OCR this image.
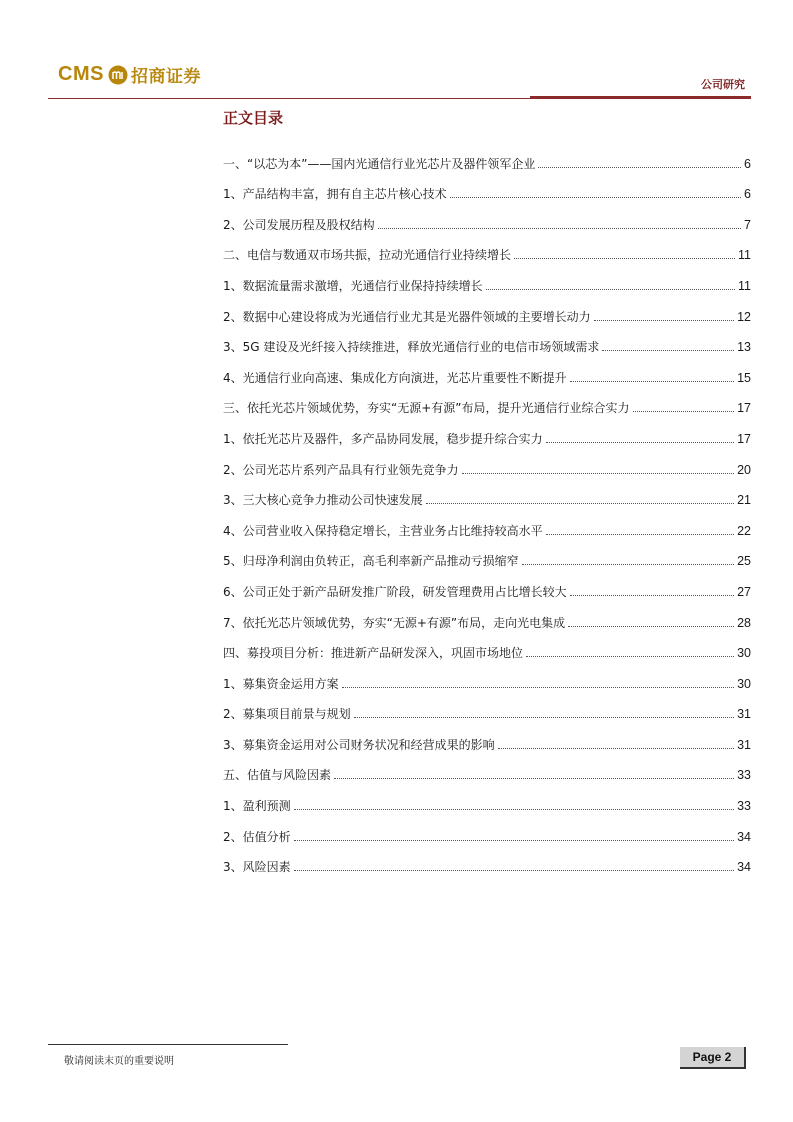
CMS 招商证券	公司研究
正文目录
一、“以芯为本”——国内光通信行业光芯片及器件领军企业	6
1、产品结构丰富，拥有自主芯片核心技术	6
2、公司发展历程及股权结构	7
二、电信与数通双市场共振，拉动光通信行业持续增长	11
1、数据流量需求激增，光通信行业保持持续增长	11
2、数据中心建设将成为光通信行业尤其是光器件领域的主要增长动力	12
3、5G 建设及光纤接入持续推进，释放光通信行业的电信市场领域需求	13
4、光通信行业向高速、集成化方向演进，光芯片重要性不断提升	15
三、依托光芯片领域优势，夯实“无源+有源”布局，提升光通信行业综合实力	17
1、依托光芯片及器件，多产品协同发展，稳步提升综合实力	17
2、公司光芯片系列产品具有行业领先竞争力	20
3、三大核心竞争力推动公司快速发展	21
4、公司营业收入保持稳定增长，主营业务占比维持较高水平	22
5、归母净利润由负转正，高毛利率新产品推动亏损缩窄	25
6、公司正处于新产品研发推广阶段，研发管理费用占比增长较大	27
7、依托光芯片领域优势，夯实“无源+有源”布局，走向光电集成	28
四、募投项目分析：推进新产品研发深入，巩固市场地位	30
1、募集资金运用方案	30
2、募集项目前景与规划	31
3、募集资金运用对公司财务状况和经营成果的影响	31
五、估值与风险因素	33
1、盈利预测	33
2、估值分析	34
3、风险因素	34
敬请阅读末页的重要说明	Page 2
